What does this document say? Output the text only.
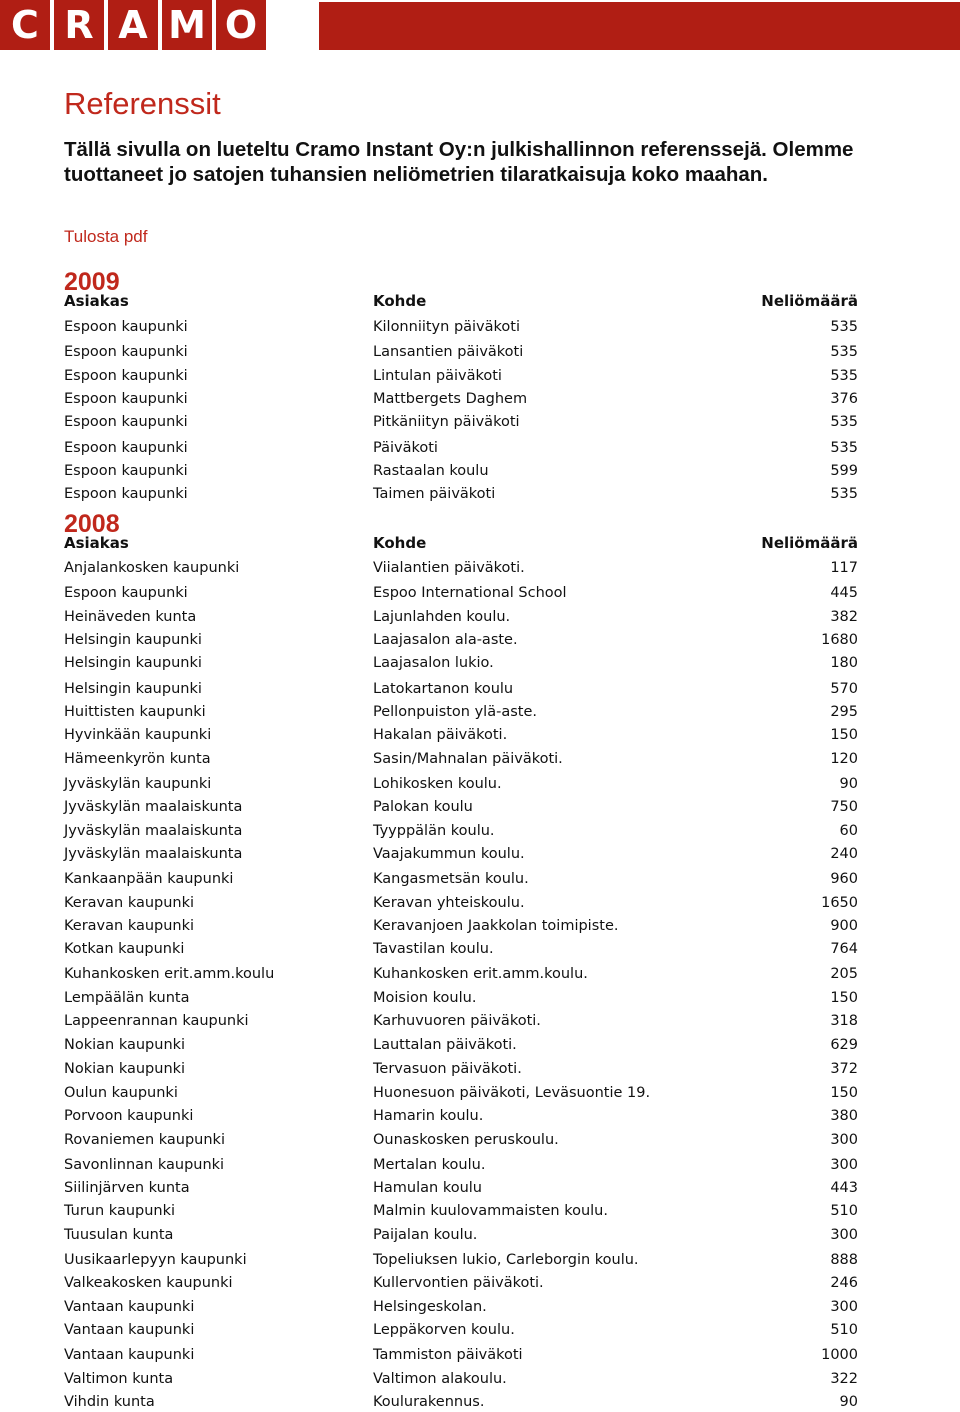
C R A M O
Referenssit

Tällä sivulla on lueteltu Cramo Instant Oy:n julkishallinnon referenssejä. Olemme tuottaneet jo satojen tuhansien neliömetrien tilaratkaisuja koko maahan.

Tulosta pdf
2009
Asiakas	Kohde	Neliömäärä
Espoon kaupunki	Kilonniityn päiväkoti	535
Espoon kaupunki	Lansantien päiväkoti	535
Espoon kaupunki	Lintulan päiväkoti	535
Espoon kaupunki	Mattbergets Daghem	376
Espoon kaupunki	Pitkäniityn päiväkoti	535
Espoon kaupunki	Päiväkoti	535
Espoon kaupunki	Rastaalan koulu	599
Espoon kaupunki	Taimen päiväkoti	535
2008
Asiakas	Kohde	Neliömäärä
Anjalankosken kaupunki	Viialantien päiväkoti.	117
Espoon kaupunki	Espoo International School	445
Heinäveden kunta	Lajunlahden koulu.	382
Helsingin kaupunki	Laajasalon ala-aste.	1680
Helsingin kaupunki	Laajasalon lukio.	180
Helsingin kaupunki	Latokartanon koulu	570
Huittisten kaupunki	Pellonpuiston ylä-aste.	295
Hyvinkään kaupunki	Hakalan päiväkoti.	150
Hämeenkyrön kunta	Sasin/Mahnalan päiväkoti.	120
Jyväskylän kaupunki	Lohikosken koulu.	90
Jyväskylän maalaiskunta	Palokan koulu	750
Jyväskylän maalaiskunta	Tyyppälän koulu.	60
Jyväskylän maalaiskunta	Vaajakummun koulu.	240
Kankaanpään kaupunki	Kangasmetsän koulu.	960
Keravan kaupunki	Keravan yhteiskoulu.	1650
Keravan kaupunki	Keravanjoen Jaakkolan toimipiste.	900
Kotkan kaupunki	Tavastilan koulu.	764
Kuhankosken erit.amm.koulu	Kuhankosken erit.amm.koulu.	205
Lempäälän kunta	Moision koulu.	150
Lappeenrannan kaupunki	Karhuvuoren päiväkoti.	318
Nokian kaupunki	Lauttalan päiväkoti.	629
Nokian kaupunki	Tervasuon päiväkoti.	372
Oulun kaupunki	Huonesuon päiväkoti, Leväsuontie 19.	150
Porvoon kaupunki	Hamarin koulu.	380
Rovaniemen kaupunki	Ounaskosken peruskoulu.	300
Savonlinnan kaupunki	Mertalan koulu.	300
Siilinjärven kunta	Hamulan koulu	443
Turun kaupunki	Malmin kuulovammaisten koulu.	510
Tuusulan kunta	Paijalan koulu.	300
Uusikaarlepyyn kaupunki	Topeliuksen lukio, Carleborgin koulu.	888
Valkeakosken kaupunki	Kullervontien päiväkoti.	246
Vantaan kaupunki	Helsingeskolan.	300
Vantaan kaupunki	Leppäkorven koulu.	510
Vantaan kaupunki	Tammiston päiväkoti	1000
Valtimon kunta	Valtimon alakoulu.	322
Vihdin kunta	Koulurakennus.	90
